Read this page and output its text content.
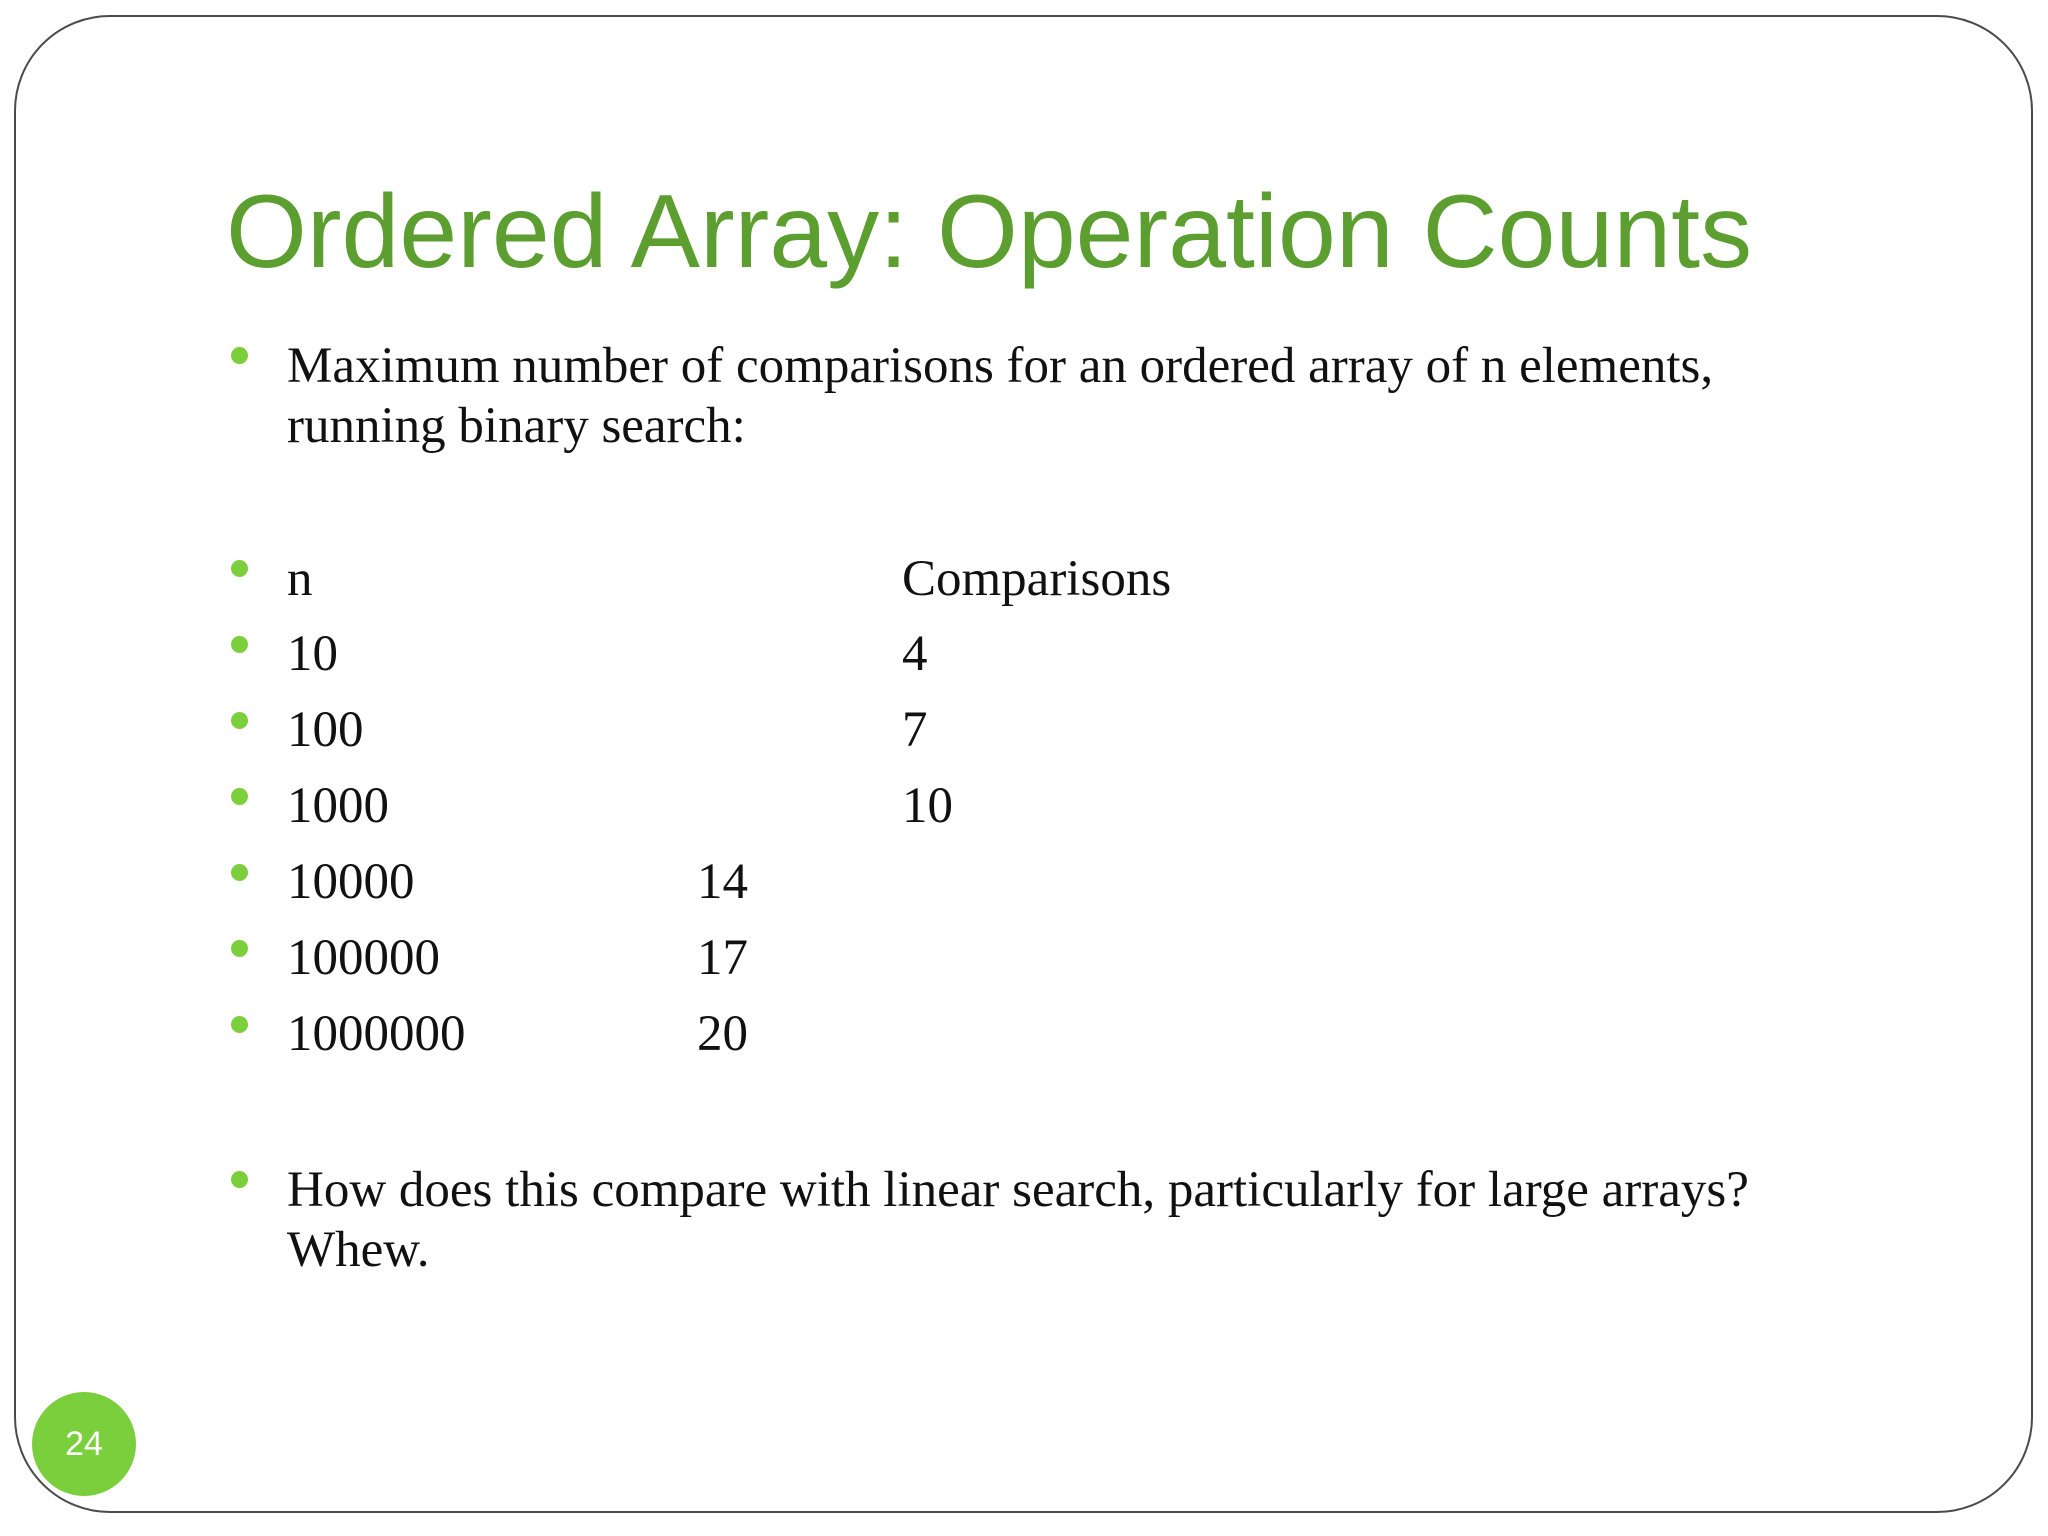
Ordered Array: Operation Counts
Maximum number of comparisons for an ordered array of n elements,
running binary search:
n	Comparisons
10	4
100	7
1000	10
10000	14
100000	17
1000000	20
How does this compare with linear search, particularly for large arrays?
Whew.
24
